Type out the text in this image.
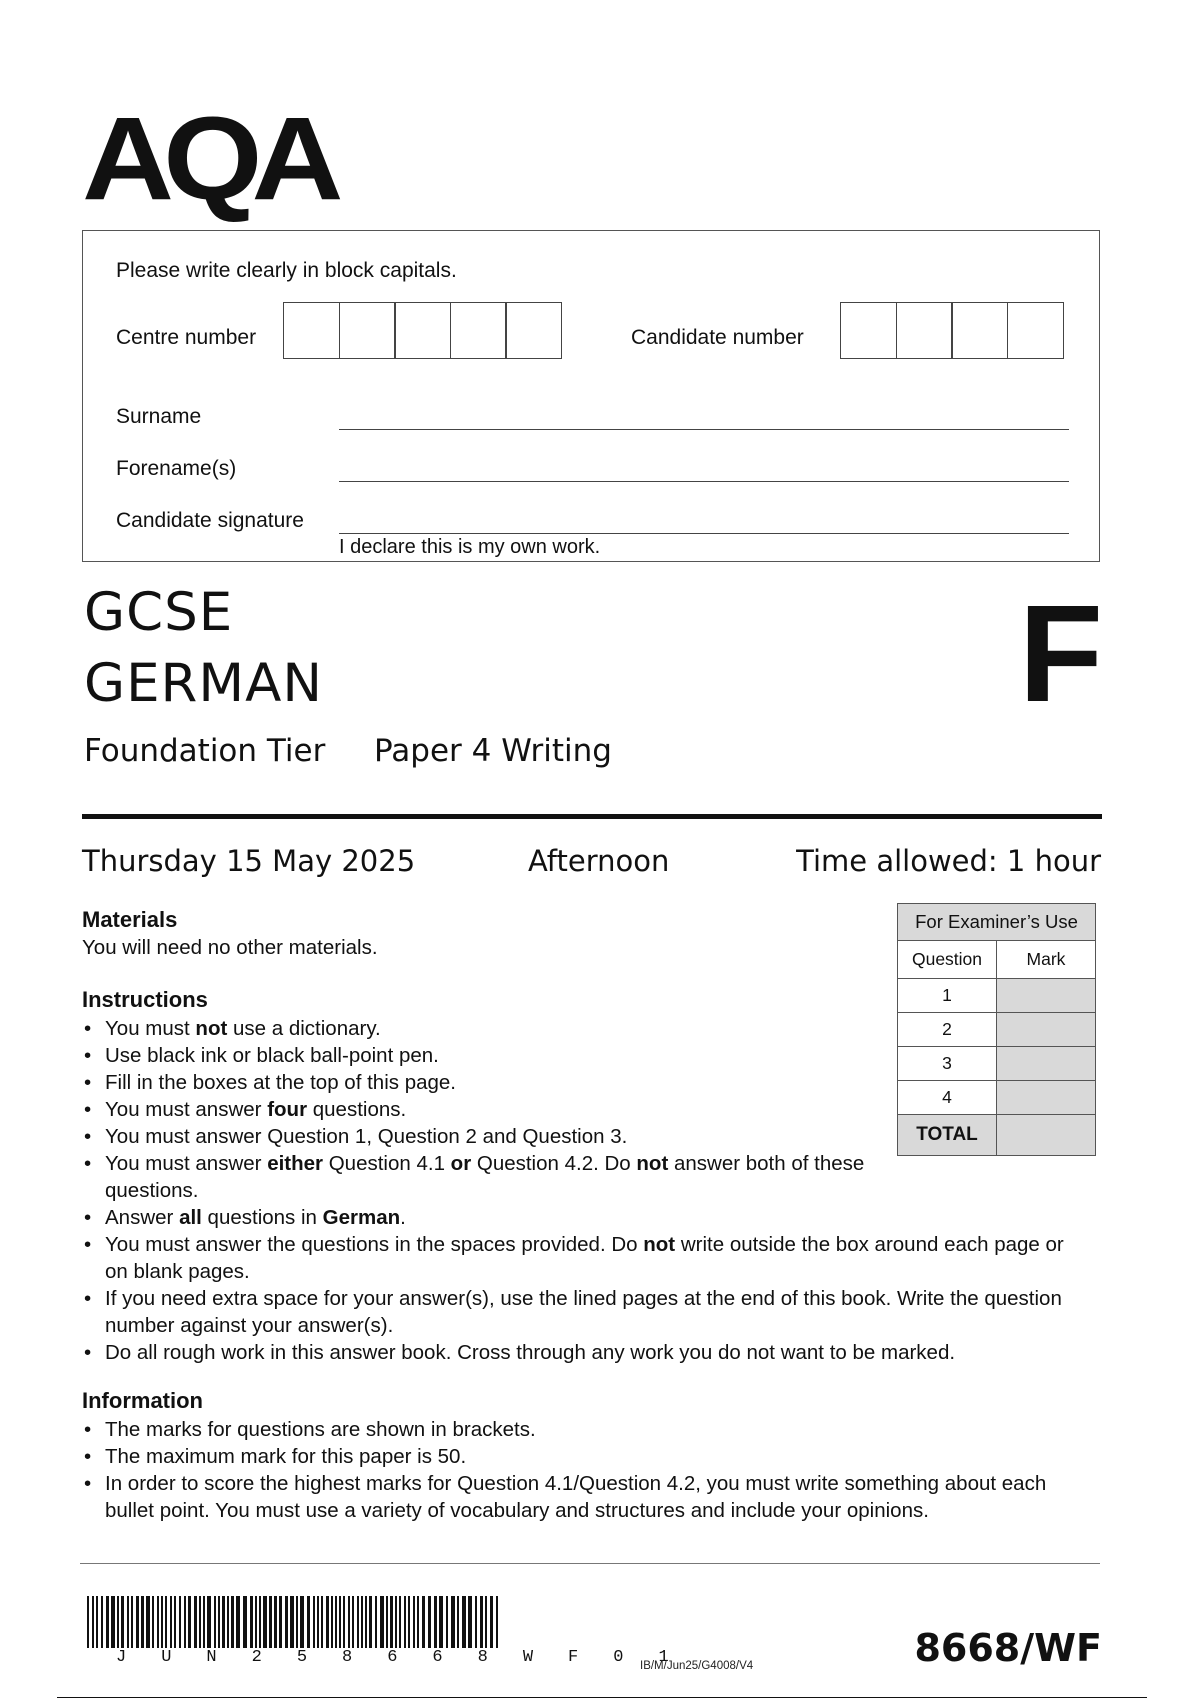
AQA
Please write clearly in block capitals.
Centre number	Candidate number
Surname
Forename(s)
Candidate signature
I declare this is my own work.
GCSE
GERMAN
Foundation Tier Paper 4 Writing
F
Thursday 15 May 2025	Afternoon	Time allowed: 1 hour
Materials
You will need no other materials.
Instructions
• You must not use a dictionary.
• Use black ink or black ball-point pen.
• Fill in the boxes at the top of this page.
• You must answer four questions.
• You must answer Question 1, Question 2 and Question 3.
• You must answer either Question 4.1 or Question 4.2. Do not answer both of these questions.
• Answer all questions in German.
• You must answer the questions in the spaces provided. Do not write outside the box around each page or on blank pages.
• If you need extra space for your answer(s), use the lined pages at the end of this book. Write the question number against your answer(s).
• Do all rough work in this answer book. Cross through any work you do not want to be marked.
Information
• The marks for questions are shown in brackets.
• The maximum mark for this paper is 50.
• In order to score the highest marks for Question 4.1/Question 4.2, you must write something about each bullet point. You must use a variety of vocabulary and structures and include your opinions.
For Examiner’s Use	
Question	Mark
1	
2	
3	
4	
TOTAL	
J U N 2 5 8 6 6 8 W F 0 1
IB/M/Jun25/G4008/V4	8668/WF
